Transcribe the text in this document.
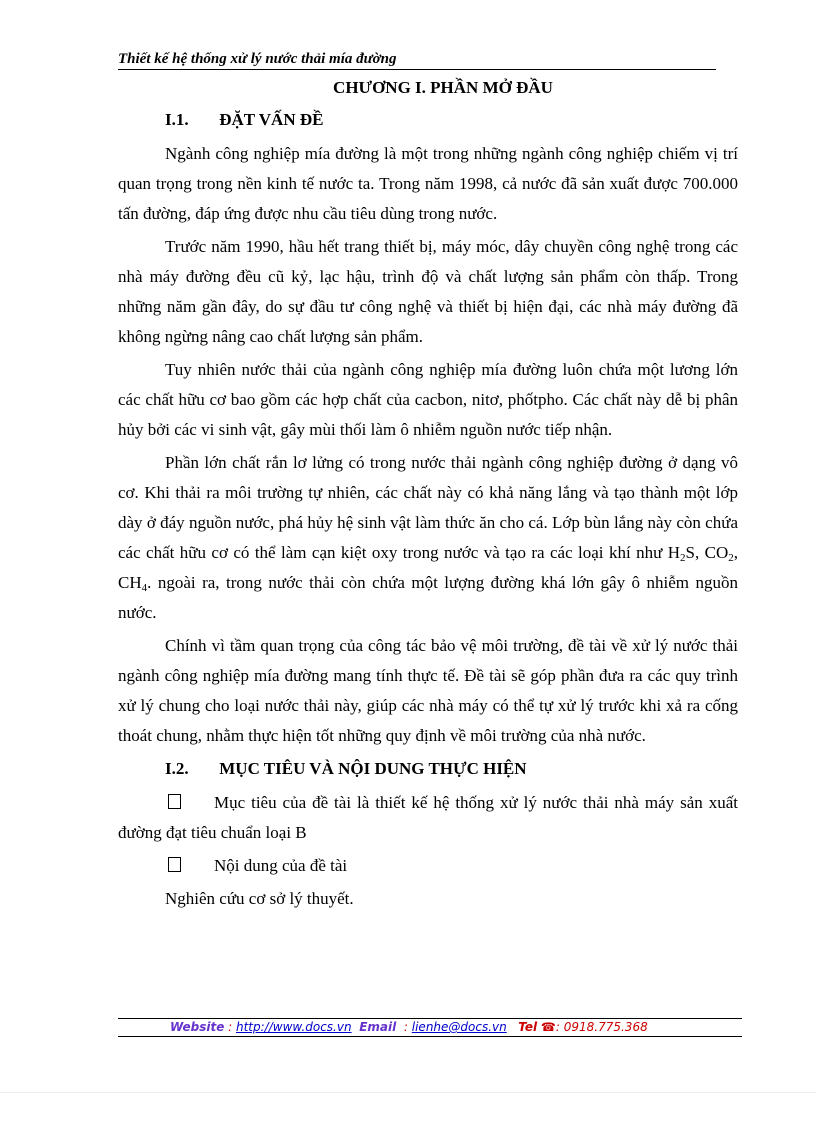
Thiết kế hệ thống xử lý nước thải mía đường
CHƯƠNG I. PHẦN MỞ ĐẦU
I.1. ĐẶT VẤN ĐỀ

Ngành công nghiệp mía đường là một trong những ngành công nghiệp chiếm vị trí quan trọng trong nền kinh tế nước ta. Trong năm 1998, cả nước đã sản xuất được 700.000 tấn đường, đáp ứng được nhu cầu tiêu dùng trong nước.

Trước năm 1990, hầu hết trang thiết bị, máy móc, dây chuyền công nghệ trong các nhà máy đường đều cũ kỷ, lạc hậu, trình độ và chất lượng sản phẩm còn thấp. Trong những năm gần đây, do sự đầu tư công nghệ và thiết bị hiện đại, các nhà máy đường đã không ngừng nâng cao chất lượng sản phẩm.

Tuy nhiên nước thải của ngành công nghiệp mía đường luôn chứa một lương lớn các chất hữu cơ bao gồm các hợp chất của cacbon, nitơ, phốtpho. Các chất này dễ bị phân hủy bởi các vi sinh vật, gây mùi thối làm ô nhiễm nguồn nước tiếp nhận.

Phần lớn chất rắn lơ lửng có trong nước thải ngành công nghiệp đường ở dạng vô cơ. Khi thải ra môi trường tự nhiên, các chất này có khả năng lắng và tạo thành một lớp dày ở đáy nguồn nước, phá hủy hệ sinh vật làm thức ăn cho cá. Lớp bùn lắng này còn chứa các chất hữu cơ có thể làm cạn kiệt oxy trong nước và tạo ra các loại khí như $H_2S$, $CO_2$, $CH_4$. ngoài ra, trong nước thải còn chứa một lượng đường khá lớn gây ô nhiễm nguồn nước.

Chính vì tầm quan trọng của công tác bảo vệ môi trường, đề tài về xử lý nước thải ngành công nghiệp mía đường mang tính thực tế. Đề tài sẽ góp phần đưa ra các quy trình xử lý chung cho loại nước thải này, giúp các nhà máy có thể tự xử lý trước khi xả ra cống thoát chung, nhằm thực hiện tốt những quy định về môi trường của nhà nước.

I.2. MỤC TIÊU VÀ NỘI DUNG THỰC HIỆN

Mục tiêu của đề tài là thiết kế hệ thống xử lý nước thải nhà máy sản xuất đường đạt tiêu chuẩn loại B

Nội dung của đề tài

Nghiên cứu cơ sở lý thuyết.

Website : http://www.docs.vn Email  : lienhe@docs.vn Tel ☎: 0918.775.368
